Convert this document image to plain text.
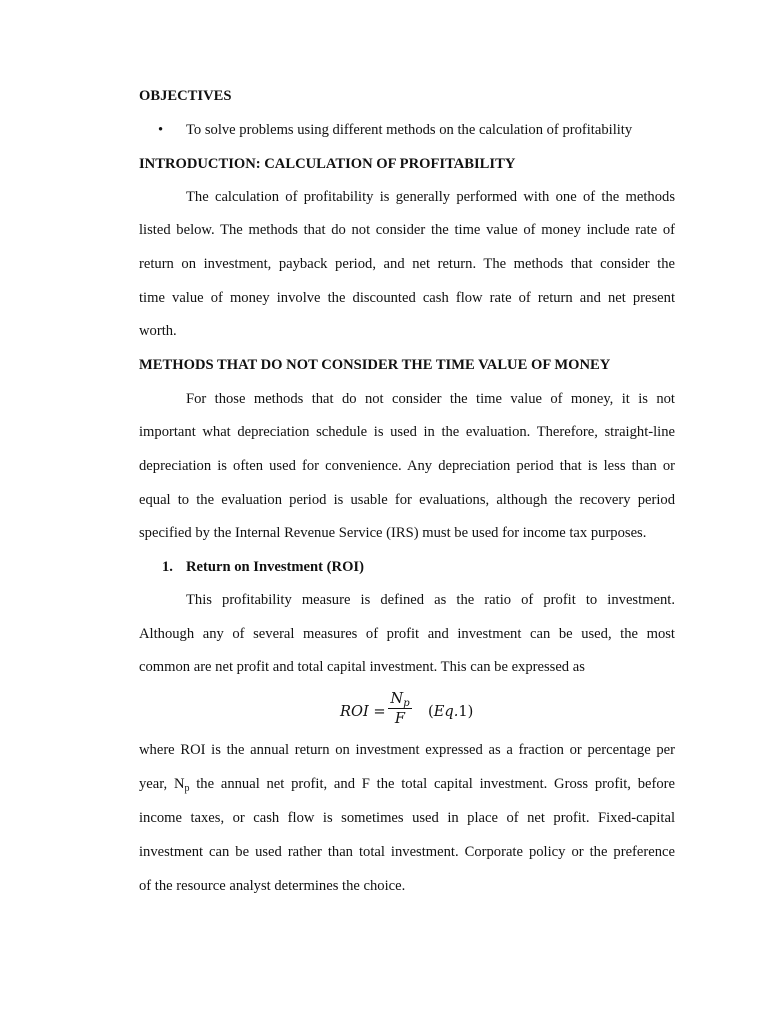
OBJECTIVES
• To solve problems using different methods on the calculation of profitability
INTRODUCTION: CALCULATION OF PROFITABILITY
The calculation of profitability is generally performed with one of the methods
listed below. The methods that do not consider the time value of money include rate of
return on investment, payback period, and net return. The methods that consider the
time value of money involve the discounted cash flow rate of return and net present
worth.
METHODS THAT DO NOT CONSIDER THE TIME VALUE OF MONEY
For those methods that do not consider the time value of money, it is not
important what depreciation schedule is used in the evaluation. Therefore, straight-line
depreciation is often used for convenience. Any depreciation period that is less than or
equal to the evaluation period is usable for evaluations, although the recovery period
specified by the Internal Revenue Service (IRS) must be used for income tax purposes.
1. Return on Investment (ROI)
This profitability measure is defined as the ratio of profit to investment.
Although any of several measures of profit and investment can be used, the most
common are net profit and total capital investment. This can be expressed as
ROI =
$N_p$
F	(Eq.1)
where ROI is the annual return on investment expressed as a fraction or percentage per
year, $N_p$ the annual net profit, and F the total capital investment. Gross profit, before
income taxes, or cash flow is sometimes used in place of net profit. Fixed-capital
investment can be used rather than total investment. Corporate policy or the preference
of the resource analyst determines the choice.
